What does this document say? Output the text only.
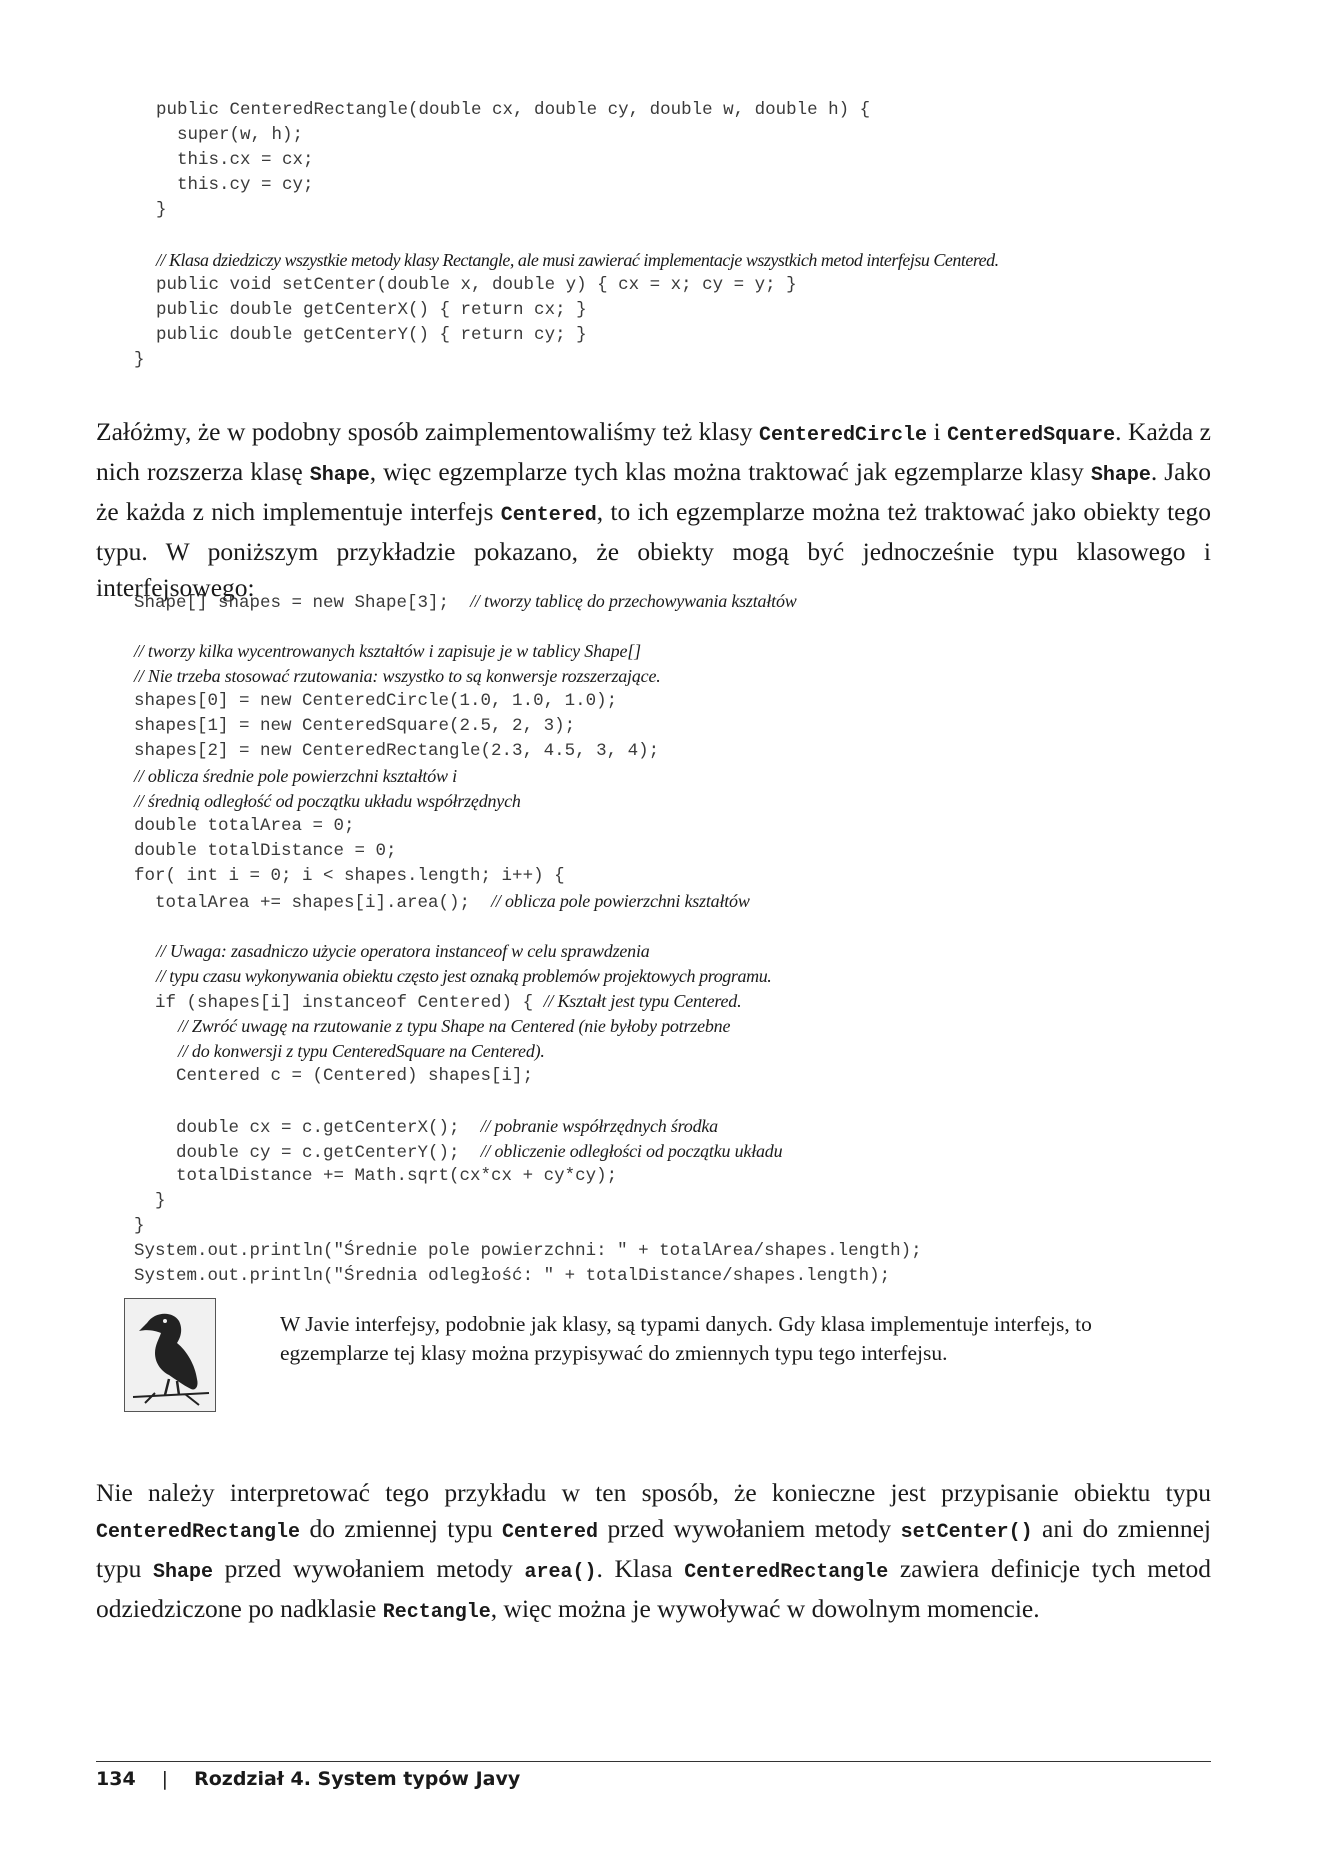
public CenteredRectangle(double cx, double cy, double w, double h) {
super(w, h);
this.cx = cx;
this.cy = cy;
}
// Klasa dziedziczy wszystkie metody klasy Rectangle, ale musi zawierać implementacje wszystkich metod interfejsu Centered.
public void setCenter(double x, double y) { cx = x; cy = y; }
public double getCenterX() { return cx; }
public double getCenterY() { return cy; }
}

Załóżmy, że w podobny sposób zaimplementowaliśmy też klasy CenteredCircle i CenteredSquare. Każda z nich rozszerza klasę Shape, więc egzemplarze tych klas można traktować jak egzemplarze klasy Shape. Jako że każda z nich implementuje interfejs Centered, to ich egzemplarze można też traktować jako obiekty tego typu. W poniższym przykładzie pokazano, że obiekty mogą być jednocześnie typu klasowego i interfejsowego:

Shape[] shapes = new Shape[3];  // tworzy tablicę do przechowywania kształtów
// tworzy kilka wycentrowanych kształtów i zapisuje je w tablicy Shape[]
// Nie trzeba stosować rzutowania: wszystko to są konwersje rozszerzające.
shapes[0] = new CenteredCircle(1.0, 1.0, 1.0);
shapes[1] = new CenteredSquare(2.5, 2, 3);
shapes[2] = new CenteredRectangle(2.3, 4.5, 3, 4);
// oblicza średnie pole powierzchni kształtów i
// średnią odległość od początku układu współrzędnych
double totalArea = 0;
double totalDistance = 0;
for( int i = 0; i < shapes.length; i++) {
totalArea += shapes[i].area();  // oblicza pole powierzchni kształtów
// Uwaga: zasadniczo użycie operatora instanceof w celu sprawdzenia
// typu czasu wykonywania obiektu często jest oznaką problemów projektowych programu.
if (shapes[i] instanceof Centered) { // Kształt jest typu Centered.
// Zwróć uwagę na rzutowanie z typu Shape na Centered (nie byłoby potrzebne
// do konwersji z typu CenteredSquare na Centered).
Centered c = (Centered) shapes[i];
double cx = c.getCenterX();  // pobranie współrzędnych środka
double cy = c.getCenterY();  // obliczenie odległości od początku układu
totalDistance += Math.sqrt(cx*cx + cy*cy);
}
}
System.out.println("Średnie pole powierzchni: " + totalArea/shapes.length);
System.out.println("Średnia odległość: " + totalDistance/shapes.length);

W Javie interfejsy, podobnie jak klasy, są typami danych. Gdy klasa implementuje interfejs, to egzemplarze tej klasy można przypisywać do zmiennych typu tego interfejsu.

Nie należy interpretować tego przykładu w ten sposób, że konieczne jest przypisanie obiektu typu CenteredRectangle do zmiennej typu Centered przed wywołaniem metody setCenter() ani do zmiennej typu Shape przed wywołaniem metody area(). Klasa CenteredRectangle zawiera definicje tych metod odziedziczone po nadklasie Rectangle, więc można je wywoływać w dowolnym momencie.

134 | Rozdział 4. System typów Javy
